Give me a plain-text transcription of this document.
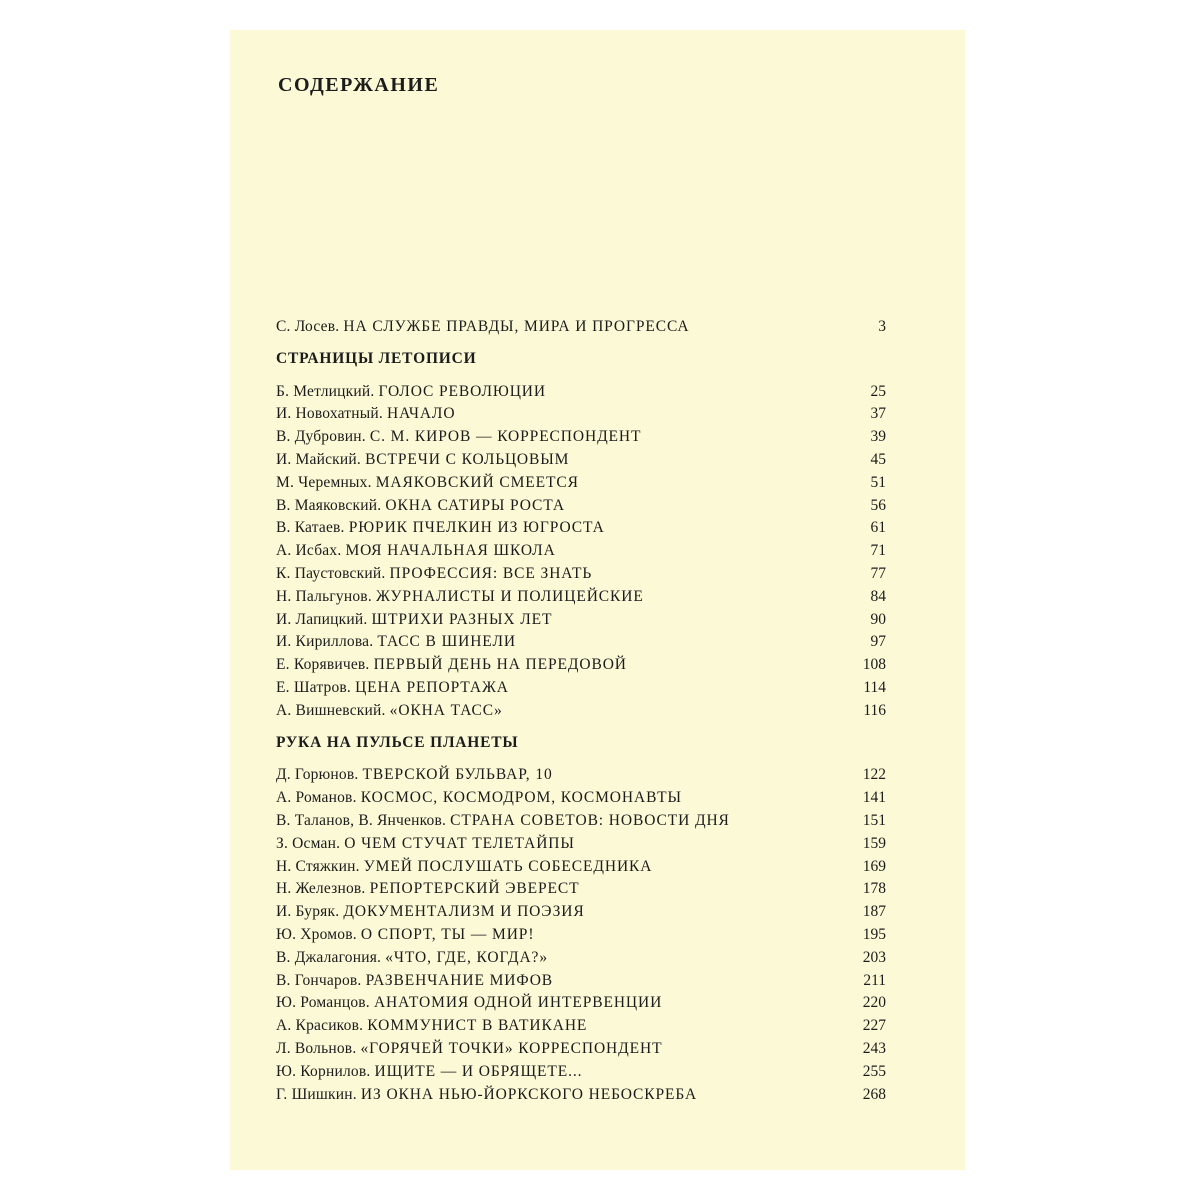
СОДЕРЖАНИЕ
С. Лосев. НА СЛУЖБЕ ПРАВДЫ, МИРА И ПРОГРЕССА	3
СТРАНИЦЫ ЛЕТОПИСИ
Б. Метлицкий. ГОЛОС РЕВОЛЮЦИИ	25
И. Новохатный. НАЧАЛО	37
В. Дубровин. С. М. КИРОВ — КОРРЕСПОНДЕНТ	39
И. Майский. ВСТРЕЧИ С КОЛЬЦОВЫМ	45
М. Черемных. МАЯКОВСКИЙ СМЕЕТСЯ	51
В. Маяковский. ОКНА САТИРЫ РОСТА	56
В. Катаев. РЮРИК ПЧЕЛКИН ИЗ ЮГРОСТА	61
А. Исбах. МОЯ НАЧАЛЬНАЯ ШКОЛА	71
К. Паустовский. ПРОФЕССИЯ: ВСЕ ЗНАТЬ	77
Н. Пальгунов. ЖУРНАЛИСТЫ И ПОЛИЦЕЙСКИЕ	84
И. Лапицкий. ШТРИХИ РАЗНЫХ ЛЕТ	90
И. Кириллова. ТАСС В ШИНЕЛИ	97
Е. Корявичев. ПЕРВЫЙ ДЕНЬ НА ПЕРЕДОВОЙ	108
Е. Шатров. ЦЕНА РЕПОРТАЖА	114
А. Вишневский. «ОКНА ТАСС»	116
РУКА НА ПУЛЬСЕ ПЛАНЕТЫ
Д. Горюнов. ТВЕРСКОЙ БУЛЬВАР, 10	122
А. Романов. КОСМОС, КОСМОДРОМ, КОСМОНАВТЫ	141
В. Таланов, В. Янченков. СТРАНА СОВЕТОВ: НОВОСТИ ДНЯ	151
З. Осман. О ЧЕМ СТУЧАТ ТЕЛЕТАЙПЫ	159
Н. Стяжкин. УМЕЙ ПОСЛУШАТЬ СОБЕСЕДНИКА	169
Н. Железнов. РЕПОРТЕРСКИЙ ЭВЕРЕСТ	178
И. Буряк. ДОКУМЕНТАЛИЗМ И ПОЭЗИЯ	187
Ю. Хромов. О СПОРТ, ТЫ — МИР!	195
В. Джалагония. «ЧТО, ГДЕ, КОГДА?»	203
В. Гончаров. РАЗВЕНЧАНИЕ МИФОВ	211
Ю. Романцов. АНАТОМИЯ ОДНОЙ ИНТЕРВЕНЦИИ	220
А. Красиков. КОММУНИСТ В ВАТИКАНЕ	227
Л. Вольнов. «ГОРЯЧЕЙ ТОЧКИ» КОРРЕСПОНДЕНТ	243
Ю. Корнилов. ИЩИТЕ — И ОБРЯЩЕТЕ...	255
Г. Шишкин. ИЗ ОКНА НЬЮ-ЙОРКСКОГО НЕБОСКРЕБА	268
